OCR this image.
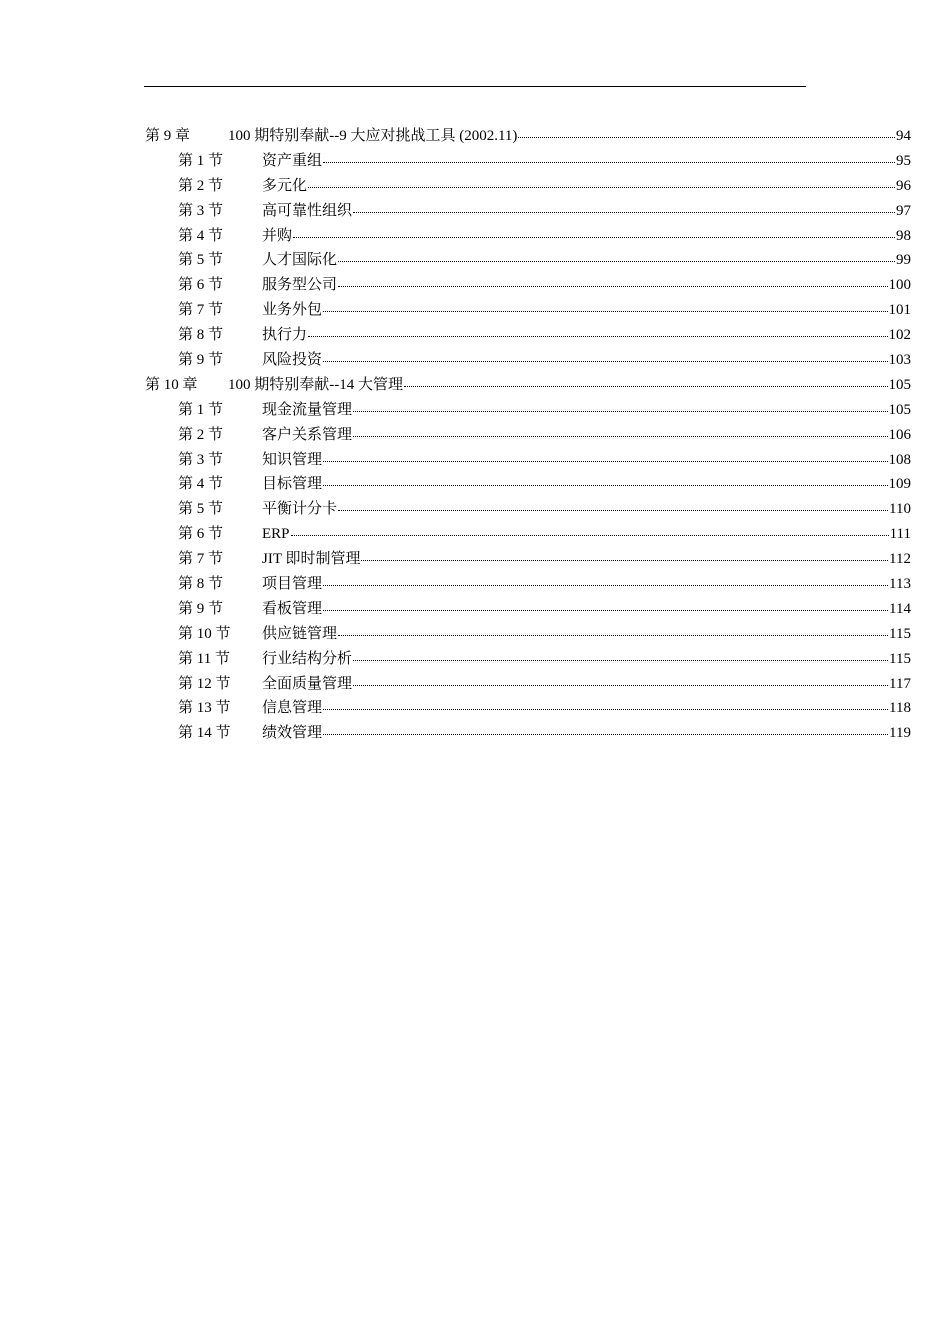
第 9 章	100 期特别奉献--9 大应对挑战工具 (2002.11)	94
第 1 节	资产重组	95
第 2 节	多元化	96
第 3 节	高可靠性组织	97
第 4 节	并购	98
第 5 节	人才国际化	99
第 6 节	服务型公司	100
第 7 节	业务外包	101
第 8 节	执行力	102
第 9 节	风险投资	103
第 10 章	100 期特别奉献--14 大管理	105
第 1 节	现金流量管理	105
第 2 节	客户关系管理	106
第 3 节	知识管理	108
第 4 节	目标管理	109
第 5 节	平衡计分卡	110
第 6 节	ERP	111
第 7 节	JIT 即时制管理	112
第 8 节	项目管理	113
第 9 节	看板管理	114
第 10 节	供应链管理	115
第 11 节	行业结构分析	115
第 12 节	全面质量管理	117
第 13 节	信息管理	118
第 14 节	绩效管理	119
